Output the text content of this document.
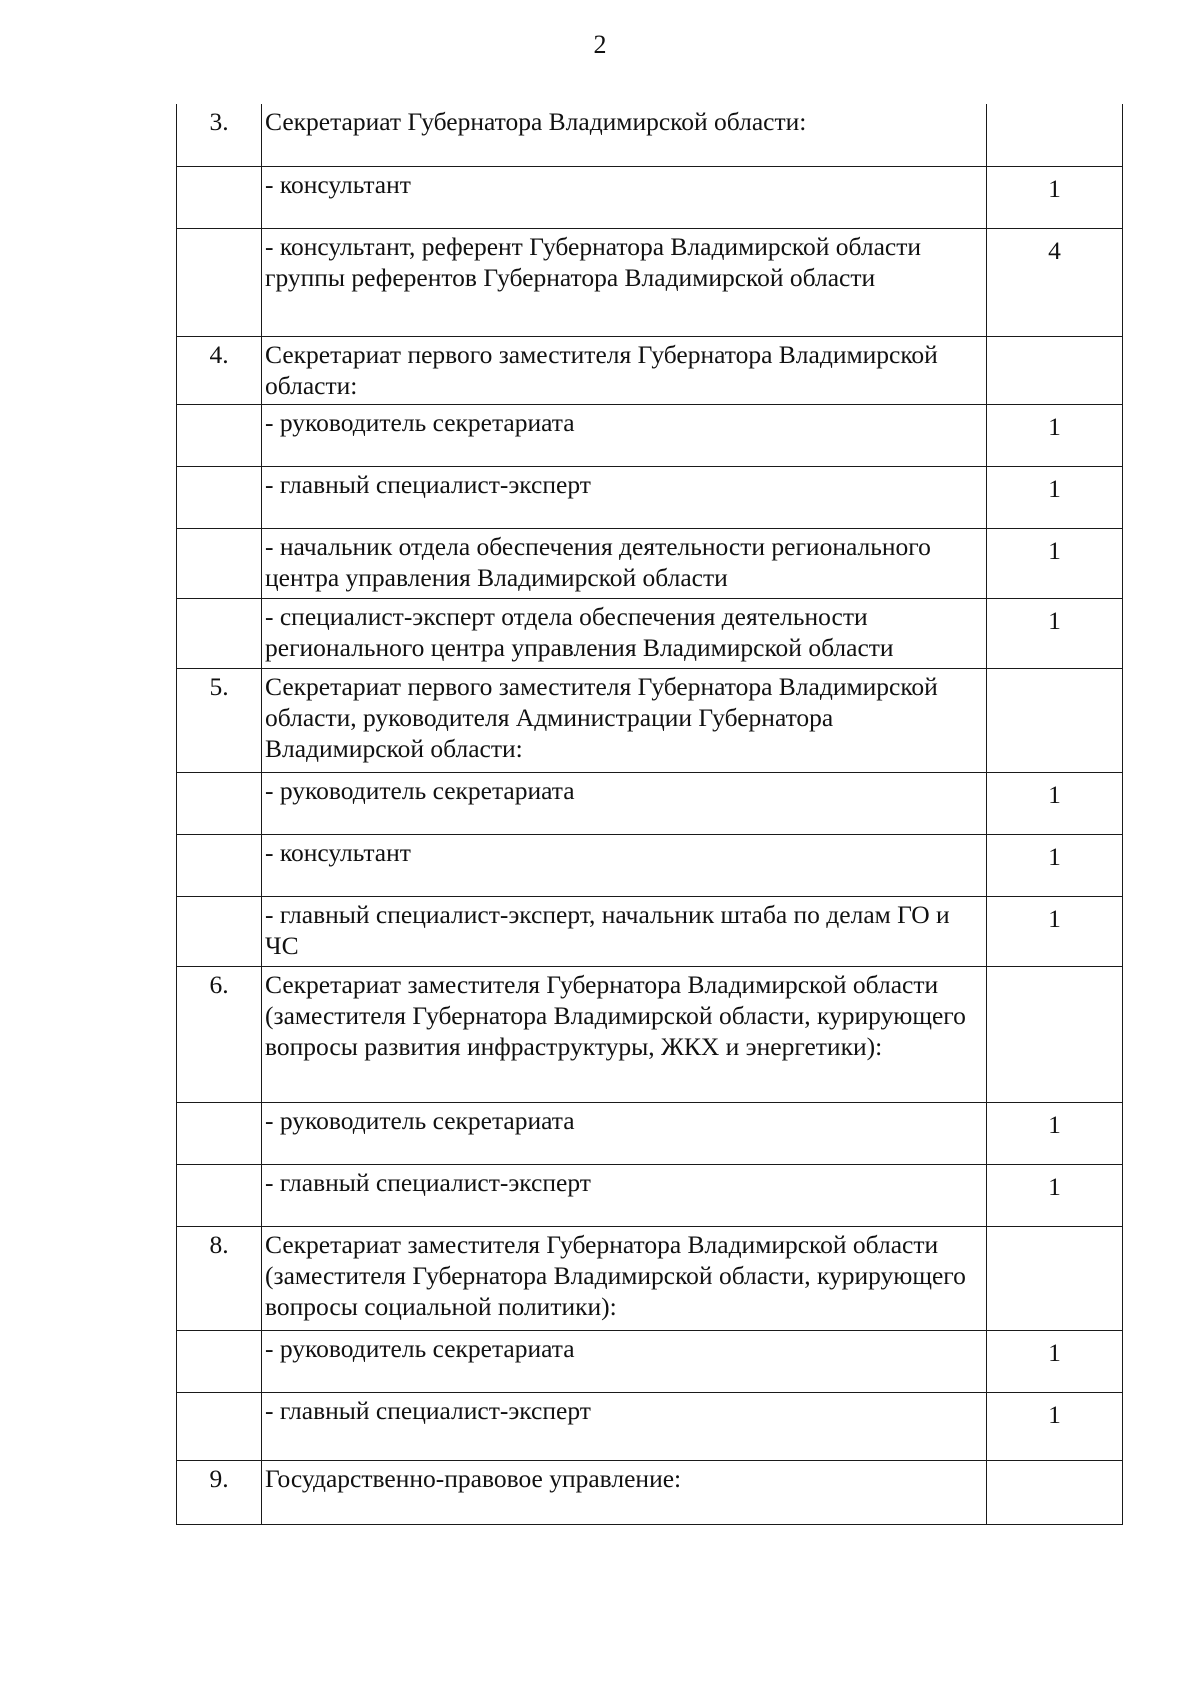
2
3.	Секретариат Губернатора Владимирской области:	

	- консультант	1

	- консультант, референт Губернатора Владимирской области группы референтов Губернатора Владимирской области	4
4.	Секретариат первого заместителя Губернатора Владимирской области:	

	- руководитель секретариата	1

	- главный специалист-эксперт	1

	- начальник отдела обеспечения деятельности регионального центра управления Владимирской области	1

	- специалист-эксперт отдела обеспечения деятельности регионального центра управления Владимирской области	1
5.	Секретариат первого заместителя Губернатора Владимирской области, руководителя Администрации Губернатора Владимирской области:	

	- руководитель секретариата	1

	- консультант	1

	- главный специалист-эксперт, начальник штаба по делам ГО и ЧС	1
6.	Секретариат заместителя Губернатора Владимирской области (заместителя Губернатора Владимирской области, курирующего вопросы развития инфраструктуры, ЖКХ и энергетики):	

	- руководитель секретариата	1

	- главный специалист-эксперт	1
8.	Секретариат заместителя Губернатора Владимирской области (заместителя Губернатора Владимирской области, курирующего вопросы социальной политики):	

	- руководитель секретариата	1

	- главный специалист-эксперт	1
9.	Государственно-правовое управление:	
